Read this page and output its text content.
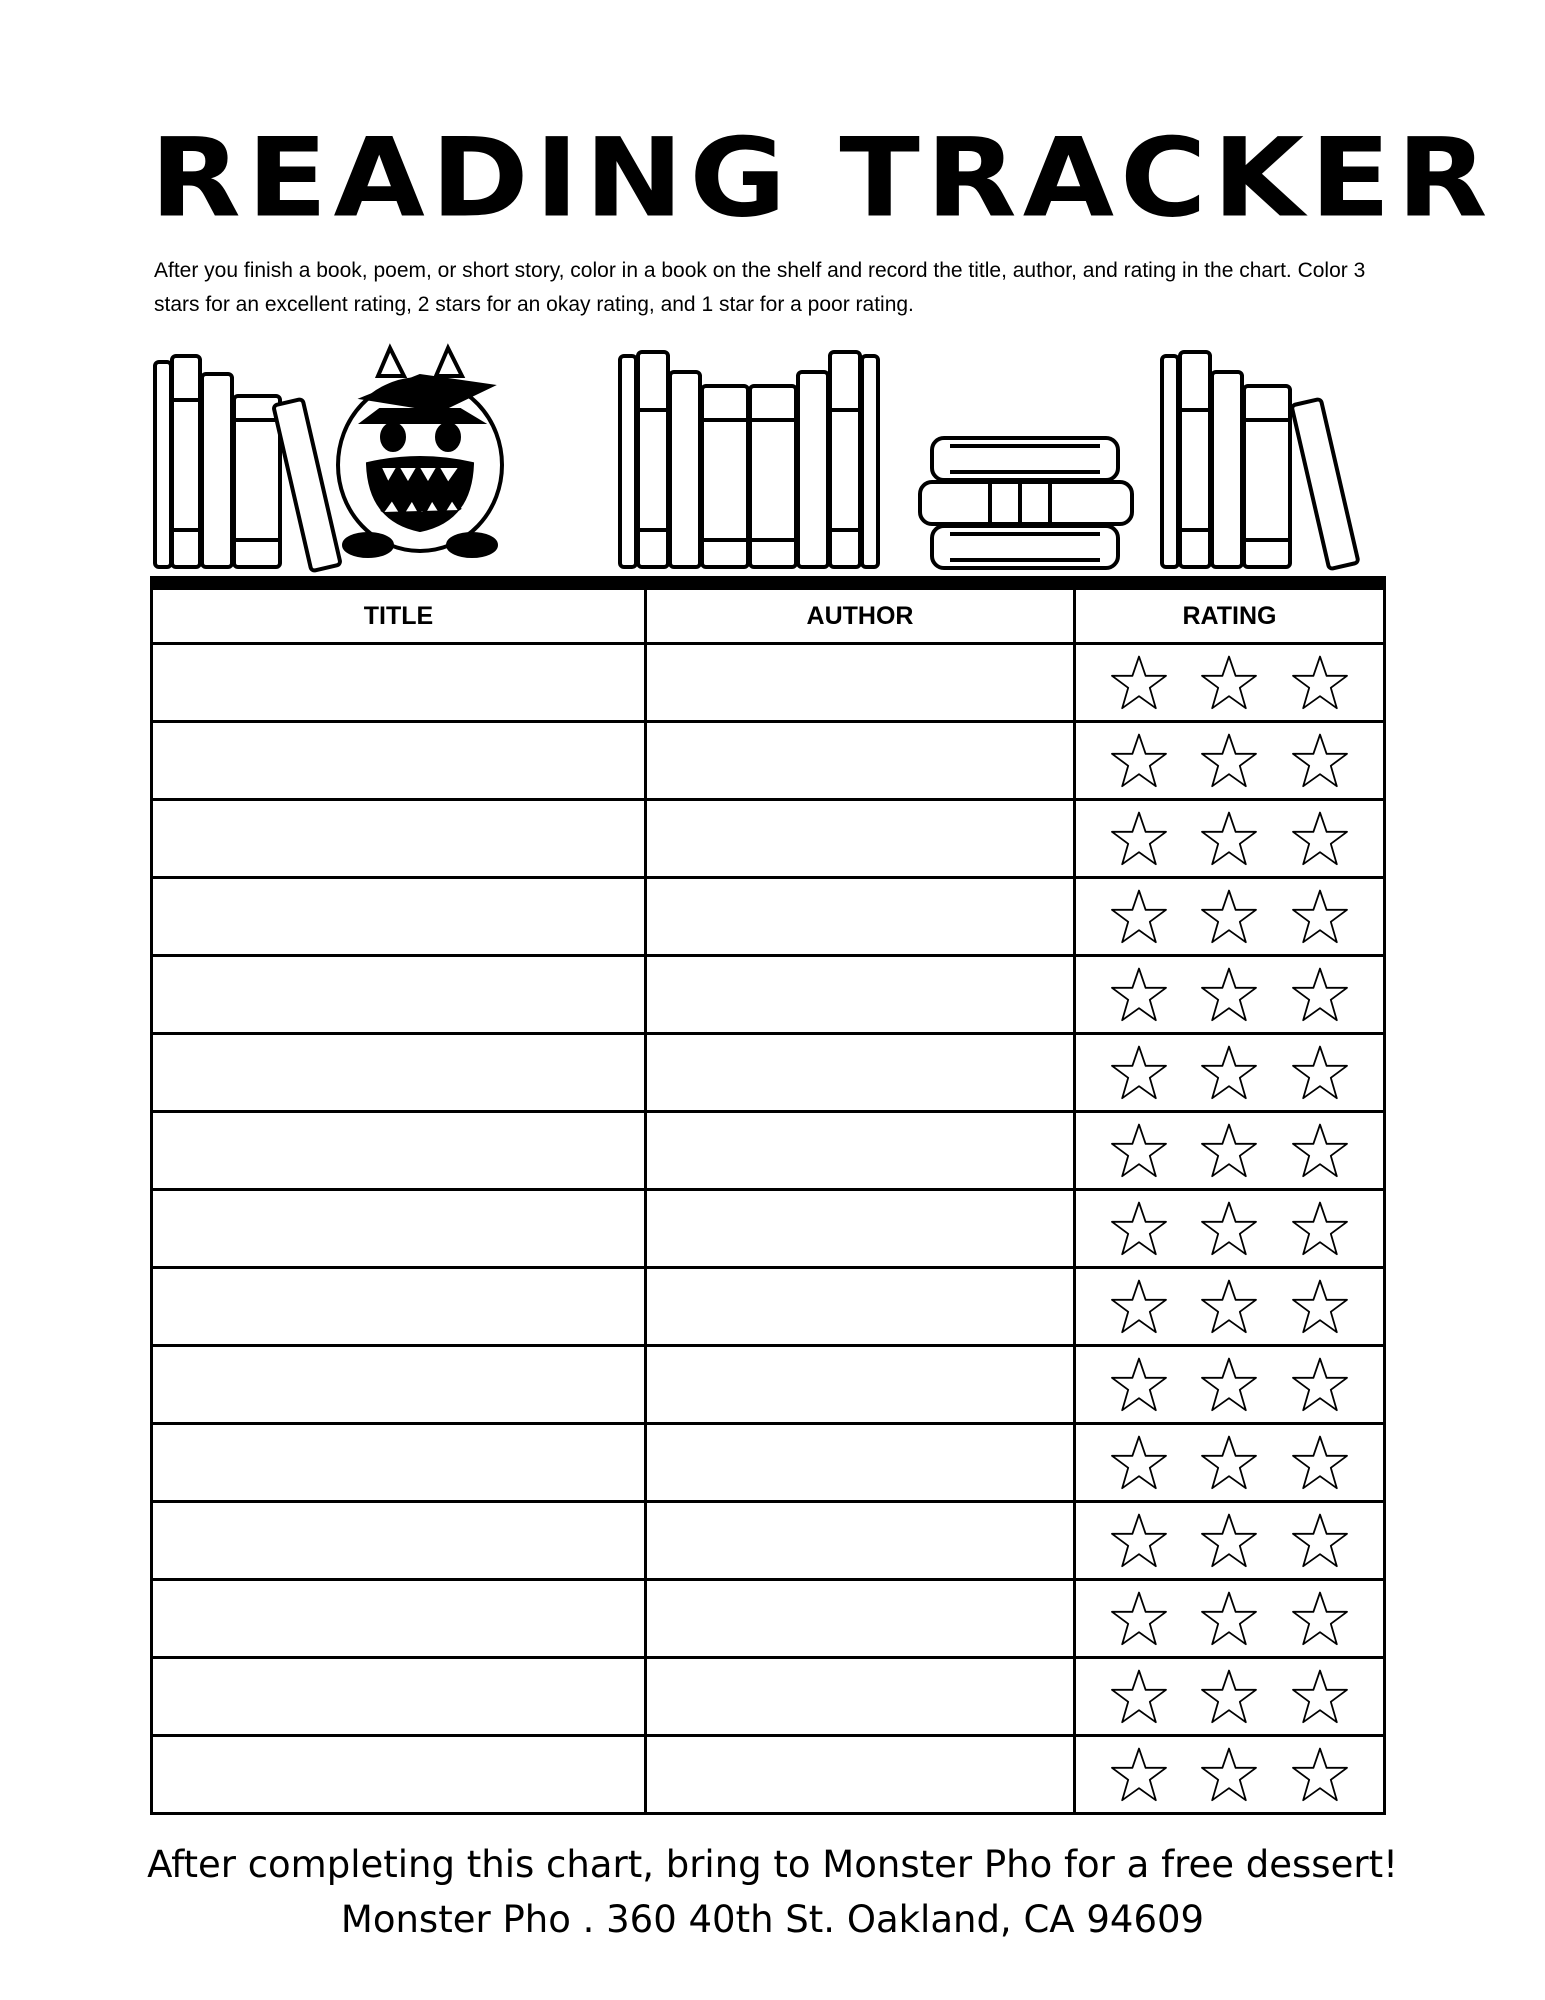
READING TRACKER
After you finish a book, poem, or short story, color in a book on the shelf and record the title, author, and rating in the chart. Color 3 stars for an excellent rating, 2 stars for an okay rating, and 1 star for a poor rating.
TITLE	AUTHOR	RATING

After completing this chart, bring to Monster Pho for a free dessert!
Monster Pho . 360 40th St. Oakland, CA 94609
